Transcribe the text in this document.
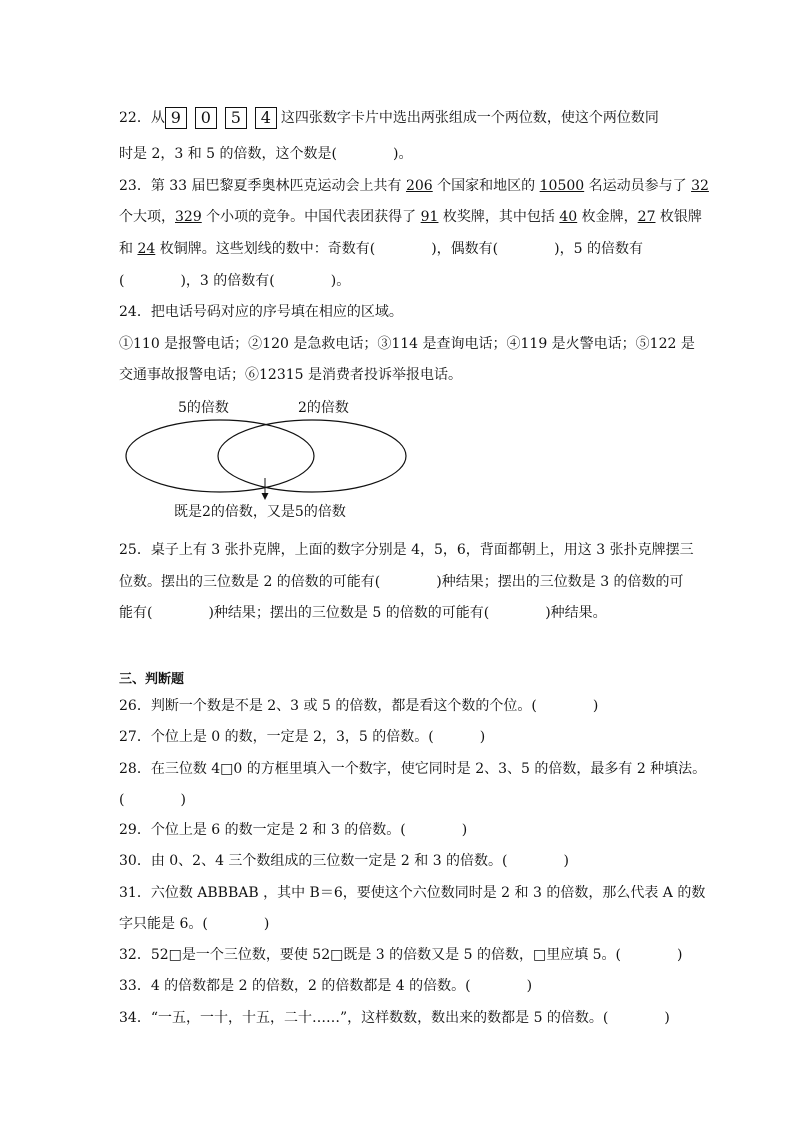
22．从 9 0 5 4 这四张数字卡片中选出两张组成一个两位数，使这个两位数同
时是 2，3 和 5 的倍数，这个数是(	)。
23．第 33 届巴黎夏季奥林匹克运动会上共有 206 个国家和地区的 10500 名运动员参与了 32
个大项，329 个小项的竞争。中国代表团获得了 91 枚奖牌，其中包括 40 枚金牌，27 枚银牌
和 24 枚铜牌。这些划线的数中：奇数有(	)，偶数有(	)，5 的倍数有
(	)，3 的倍数有(	)。
24．把电话号码对应的序号填在相应的区域。
①110 是报警电话；②120 是急救电话；③114 是查询电话；④119 是火警电话；⑤122 是
交通事故报警电话；⑥12315 是消费者投诉举报电话。
5的倍数	2的倍数
既是2的倍数，又是5的倍数
25．桌子上有 3 张扑克牌，上面的数字分别是 4，5，6，背面都朝上，用这 3 张扑克牌摆三
位数。摆出的三位数是 2 的倍数的可能有(	)种结果；摆出的三位数是 3 的倍数的可
能有(	)种结果；摆出的三位数是 5 的倍数的可能有(	)种结果。
三、判断题
26．判断一个数是不是 2、3 或 5 的倍数，都是看这个数的个位。(	)
27．个位上是 0 的数，一定是 2，3，5 的倍数。(	)
28．在三位数 4□0 的方框里填入一个数字，使它同时是 2、3、5 的倍数，最多有 2 种填法。
(	)
29．个位上是 6 的数一定是 2 和 3 的倍数。(	)
30．由 0、2、4 三个数组成的三位数一定是 2 和 3 的倍数。(	)
31．六位数 ABBBAB ，其中 B＝6，要使这个六位数同时是 2 和 3 的倍数，那么代表 A 的数
字只能是 6。(	)
32．52□是一个三位数，要使 52□既是 3 的倍数又是 5 的倍数，□里应填 5。(	)
33．4 的倍数都是 2 的倍数，2 的倍数都是 4 的倍数。(	)
34．“一五，一十，十五，二十……”，这样数数，数出来的数都是 5 的倍数。(	)
